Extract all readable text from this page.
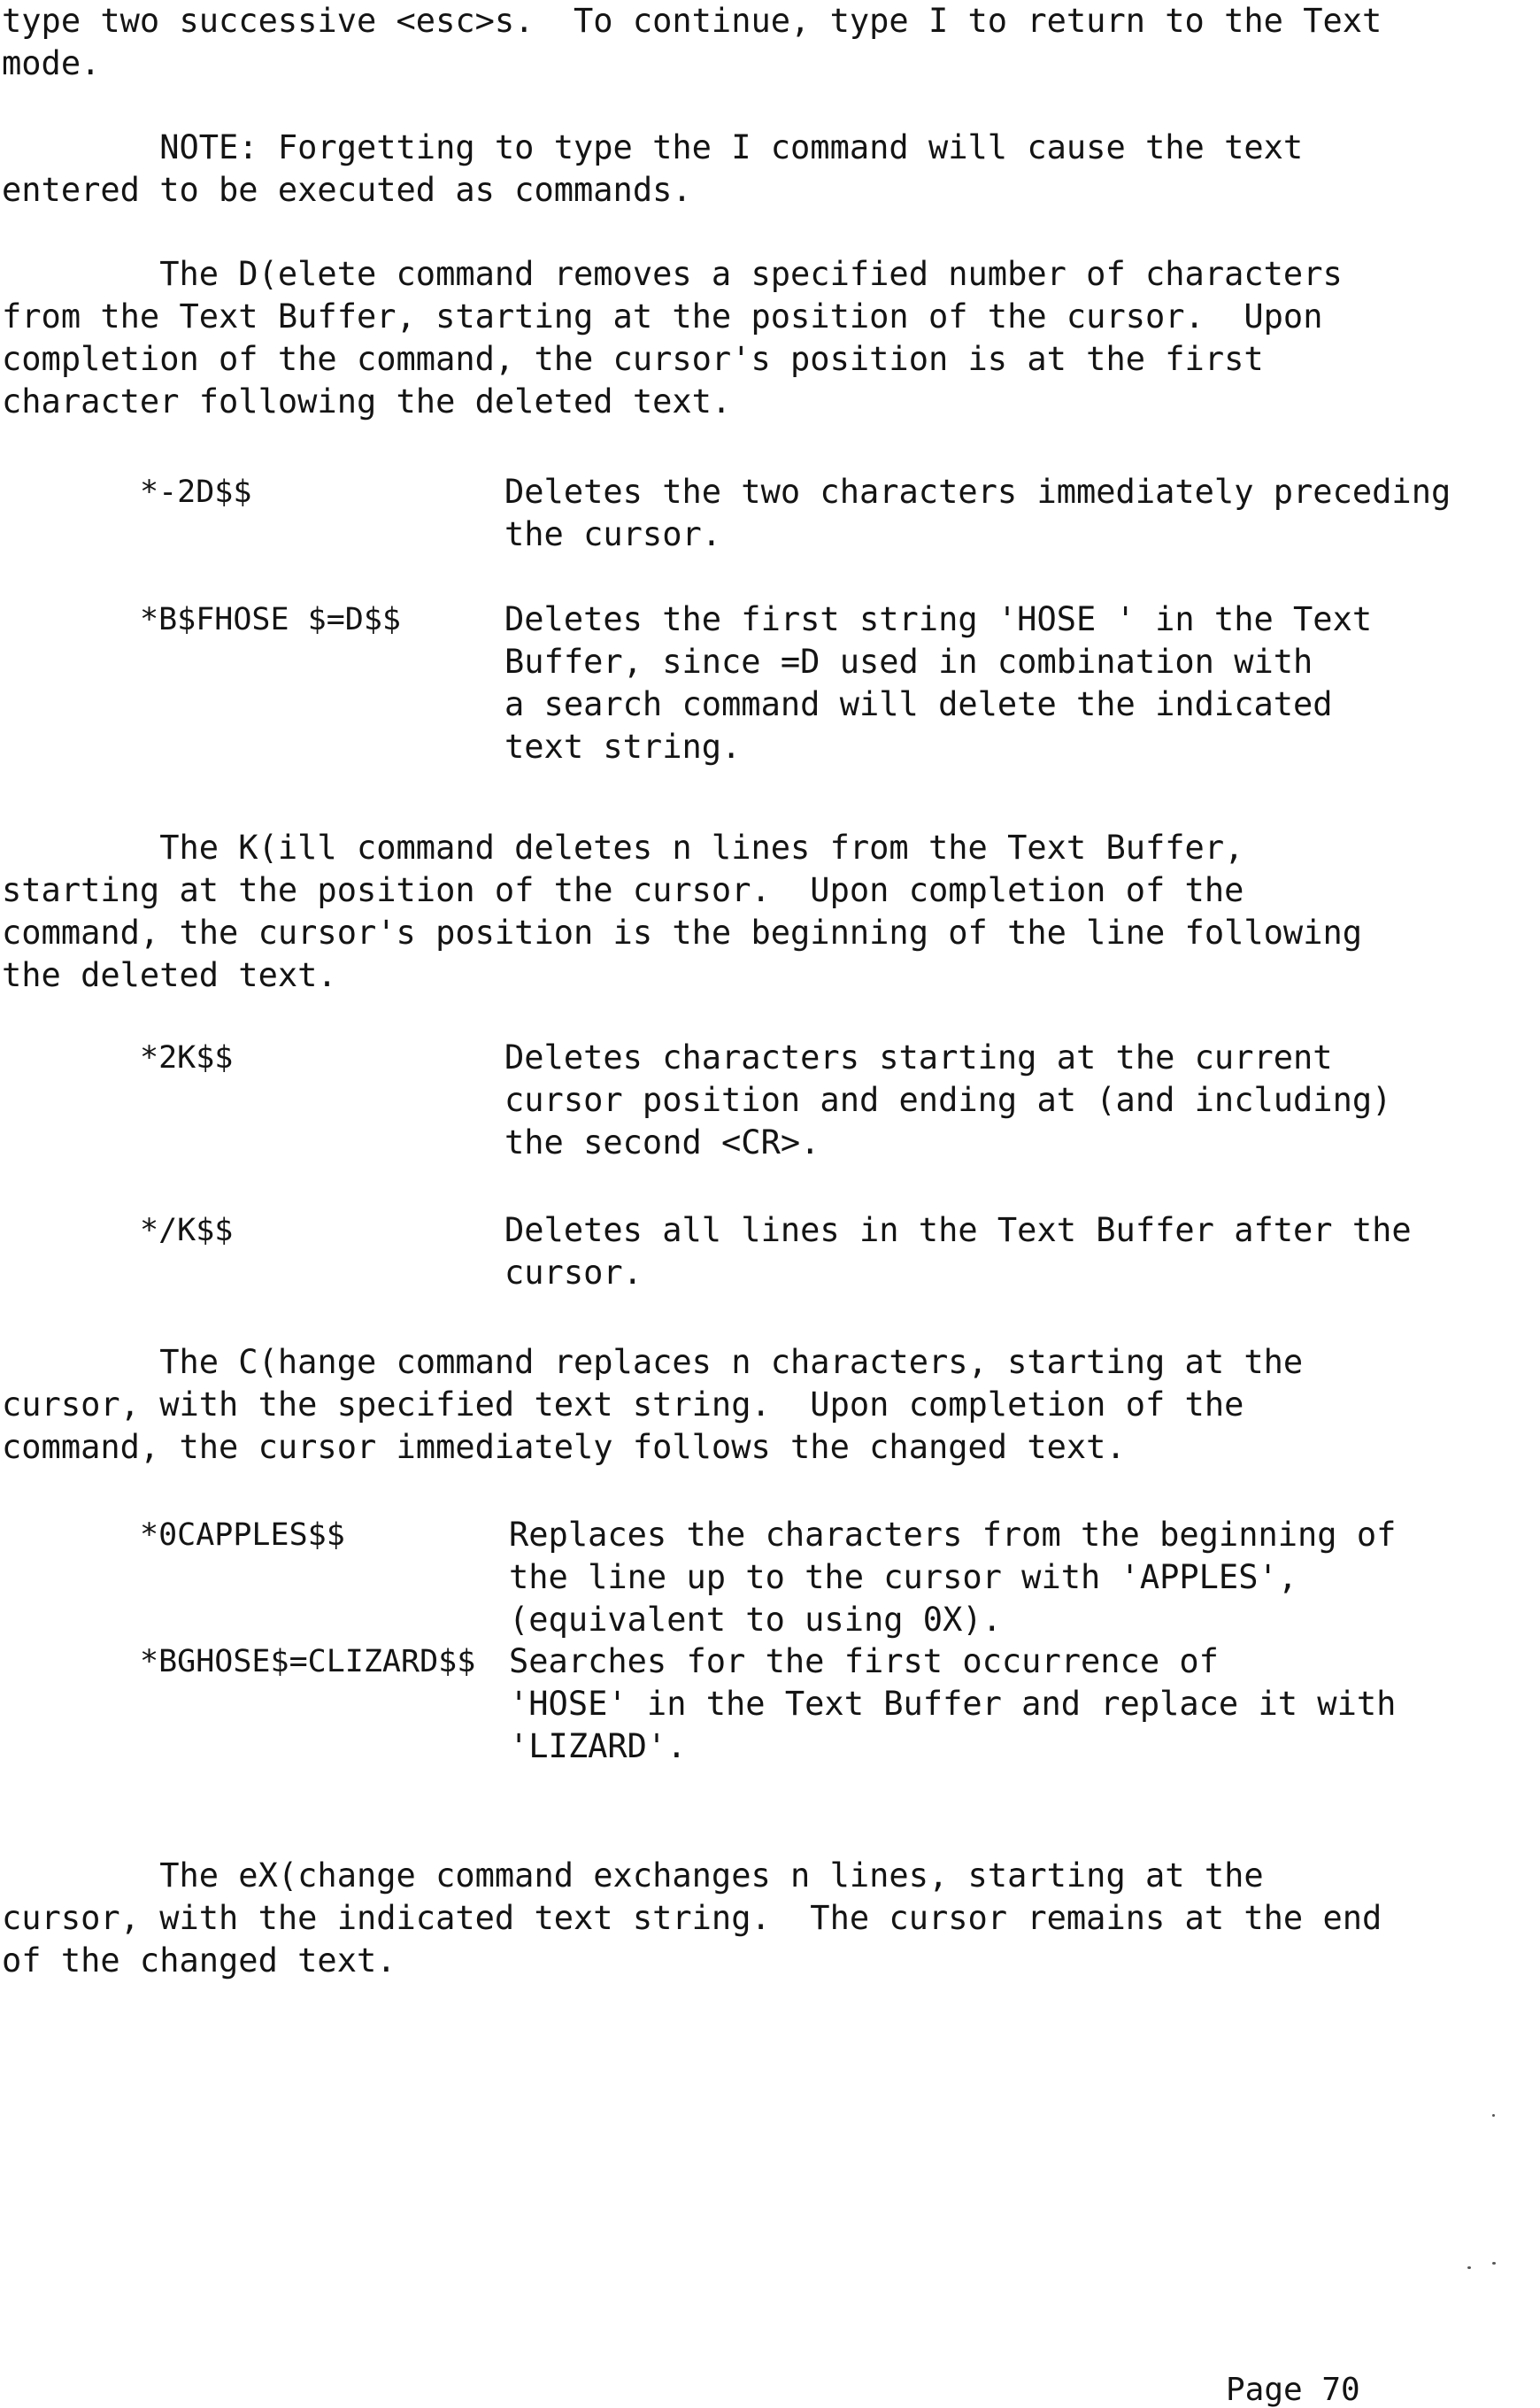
type two successive <esc>s.  To continue, type I to return to the Text
mode.

NOTE: Forgetting to type the I command will cause the text
entered to be executed as commands.

The D(elete command removes a specified number of characters
from the Text Buffer, starting at the position of the cursor.  Upon
completion of the command, the cursor's position is at the first
character following the deleted text.

*-2D$$	Deletes the two characters immediately preceding
the cursor.

*B$FHOSE $=D$$	Deletes the first string 'HOSE ' in the Text
Buffer, since =D used in combination with
a search command will delete the indicated
text string.

The K(ill command deletes n lines from the Text Buffer,
starting at the position of the cursor.  Upon completion of the
command, the cursor's position is the beginning of the line following
the deleted text.

*2K$$	Deletes characters starting at the current
cursor position and ending at (and including)
the second <CR>.

*/K$$	Deletes all lines in the Text Buffer after the
cursor.

The C(hange command replaces n characters, starting at the
cursor, with the specified text string.  Upon completion of the
command, the cursor immediately follows the changed text.

*0CAPPLES$$	Replaces the characters from the beginning of
the line up to the cursor with 'APPLES',
(equivalent to using 0X).

*BGHOSE$=CLIZARD$$ Searches for the first occurrence of
'HOSE' in the Text Buffer and replace it with
'LIZARD'.

The eX(change command exchanges n lines, starting at the
cursor, with the indicated text string.  The cursor remains at the end
of the changed text.

Page 70
